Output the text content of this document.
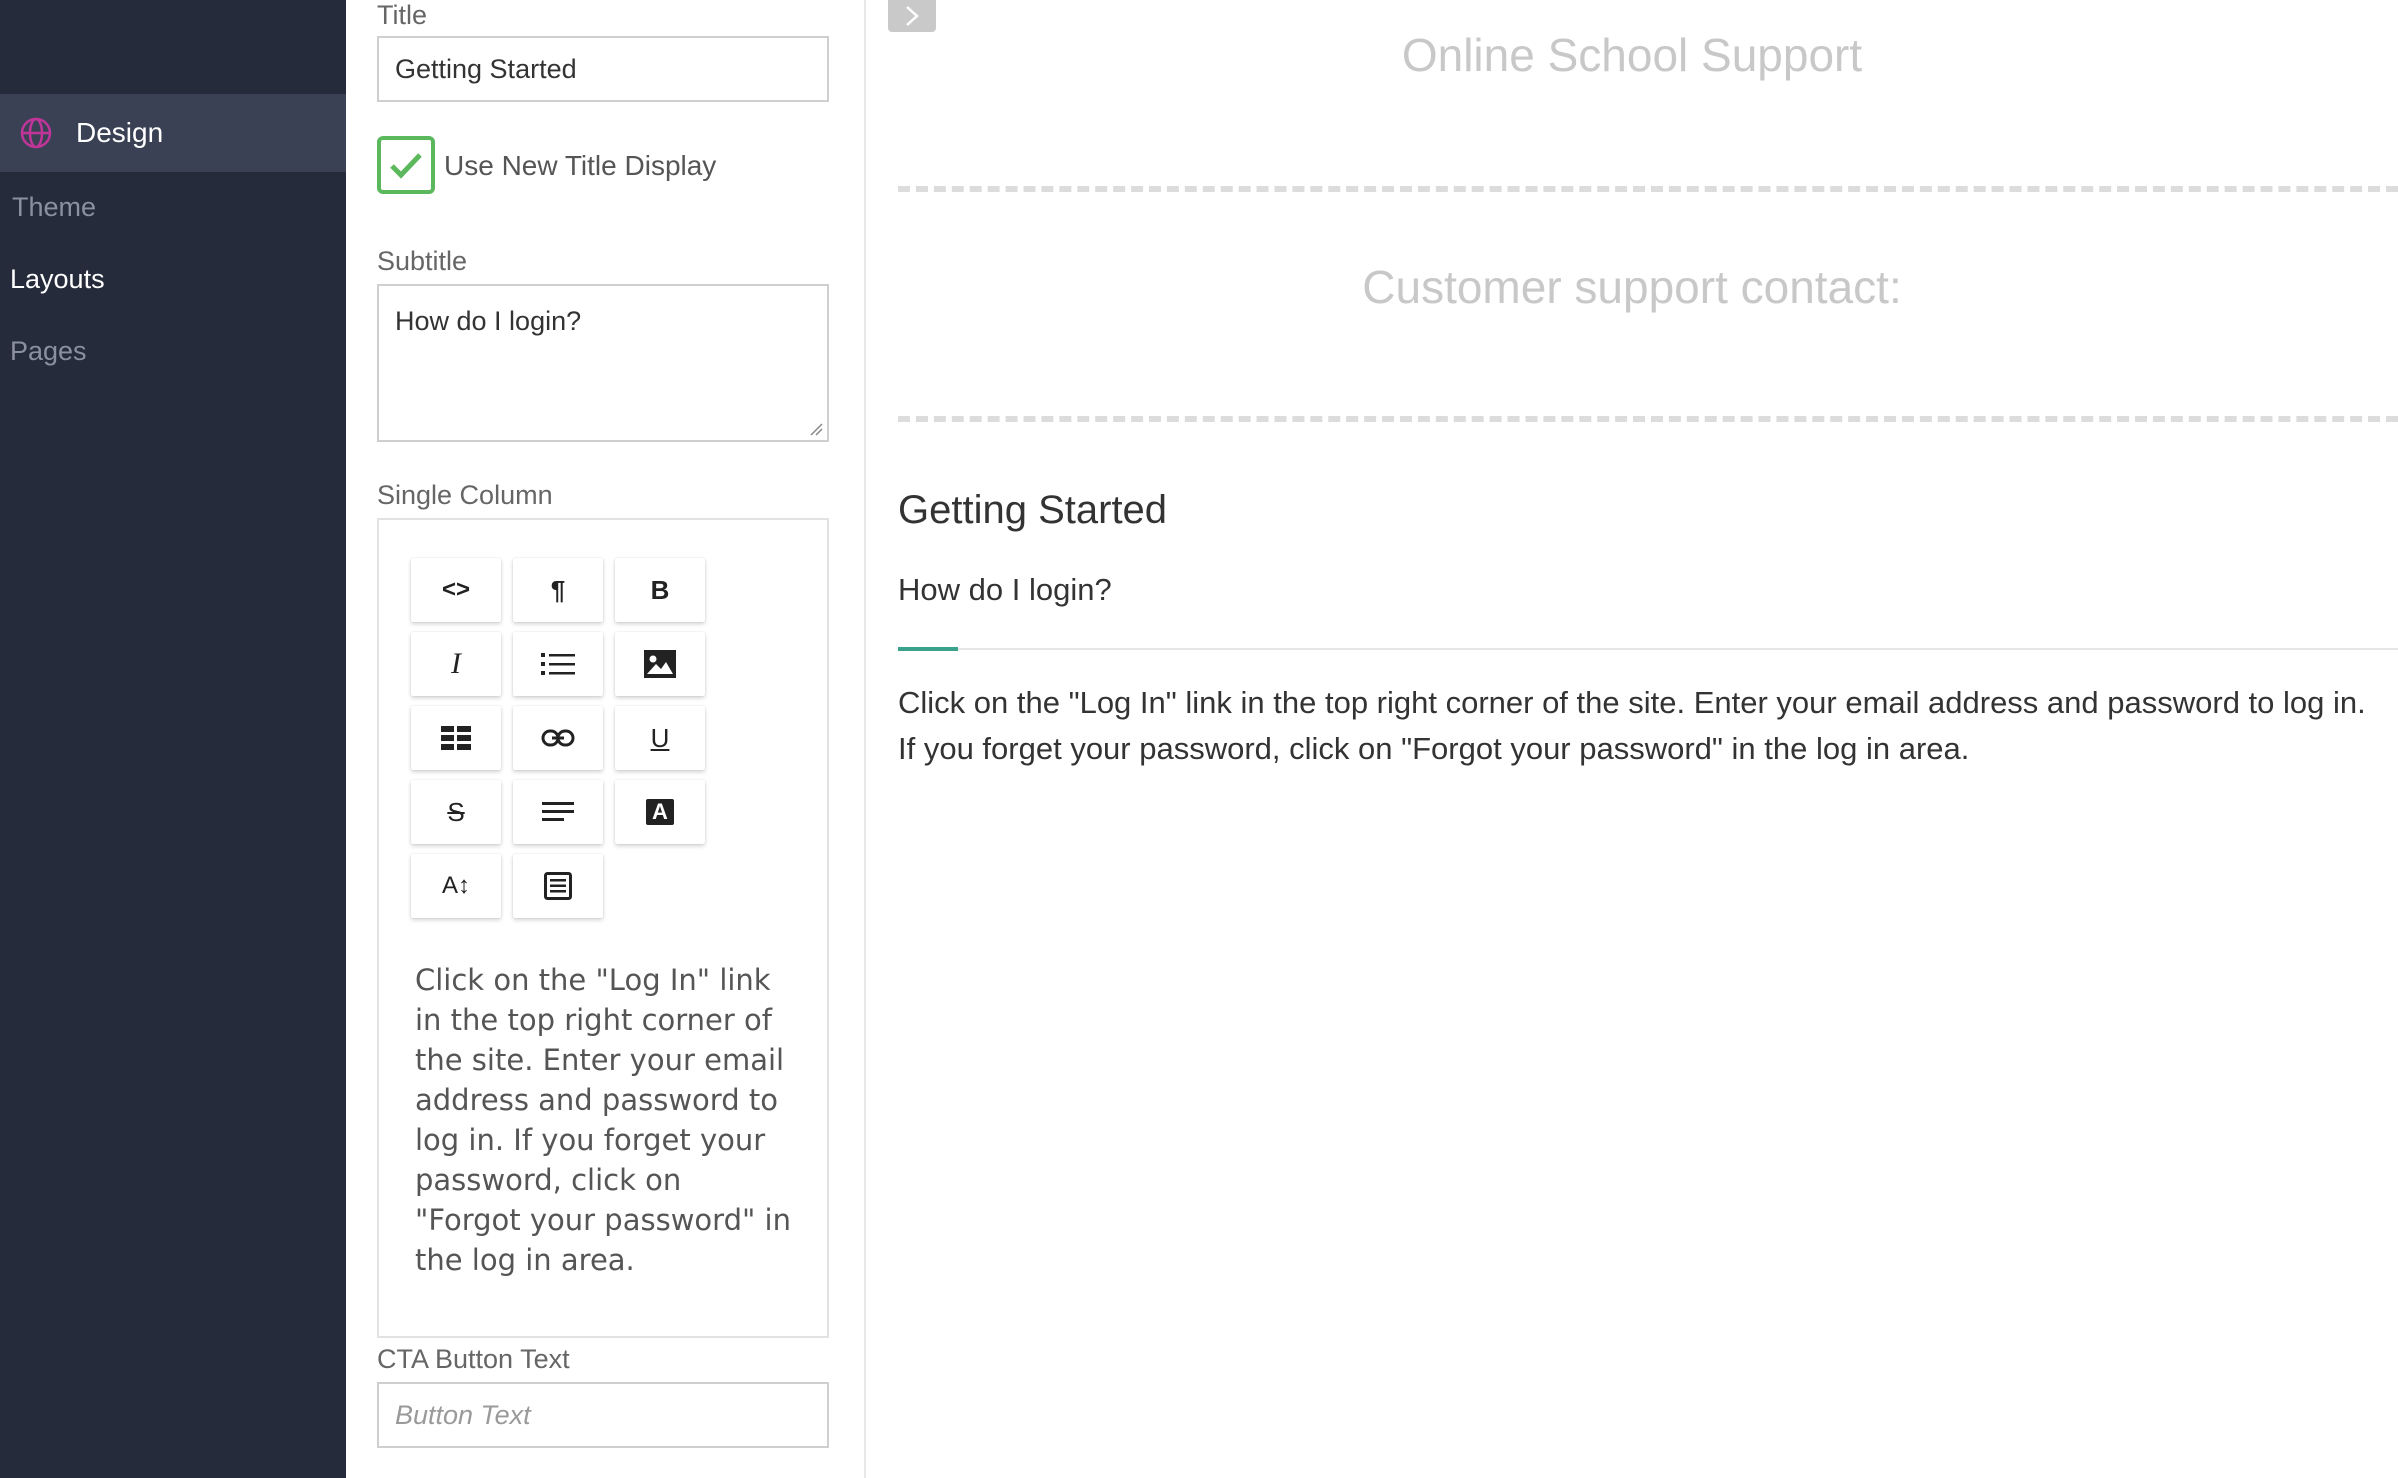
Design
Theme
Layouts
Pages
Title
Getting Started
Use New Title Display
Subtitle
How do I login?
Single Column
<>	¶	B
I
U
S	A
A↕
Click on the "Log In" link in the top right corner of the site. Enter your email address and password to log in. If you forget your password, click on "Forgot your password" in the log in area.
CTA Button Text
Button Text
Online School Support
Customer support contact:
Getting Started
How do I login?
Click on the "Log In" link in the top right corner of the site. Enter your email address and password to log in. If you forget your password, click on "Forgot your password" in the log in area.
